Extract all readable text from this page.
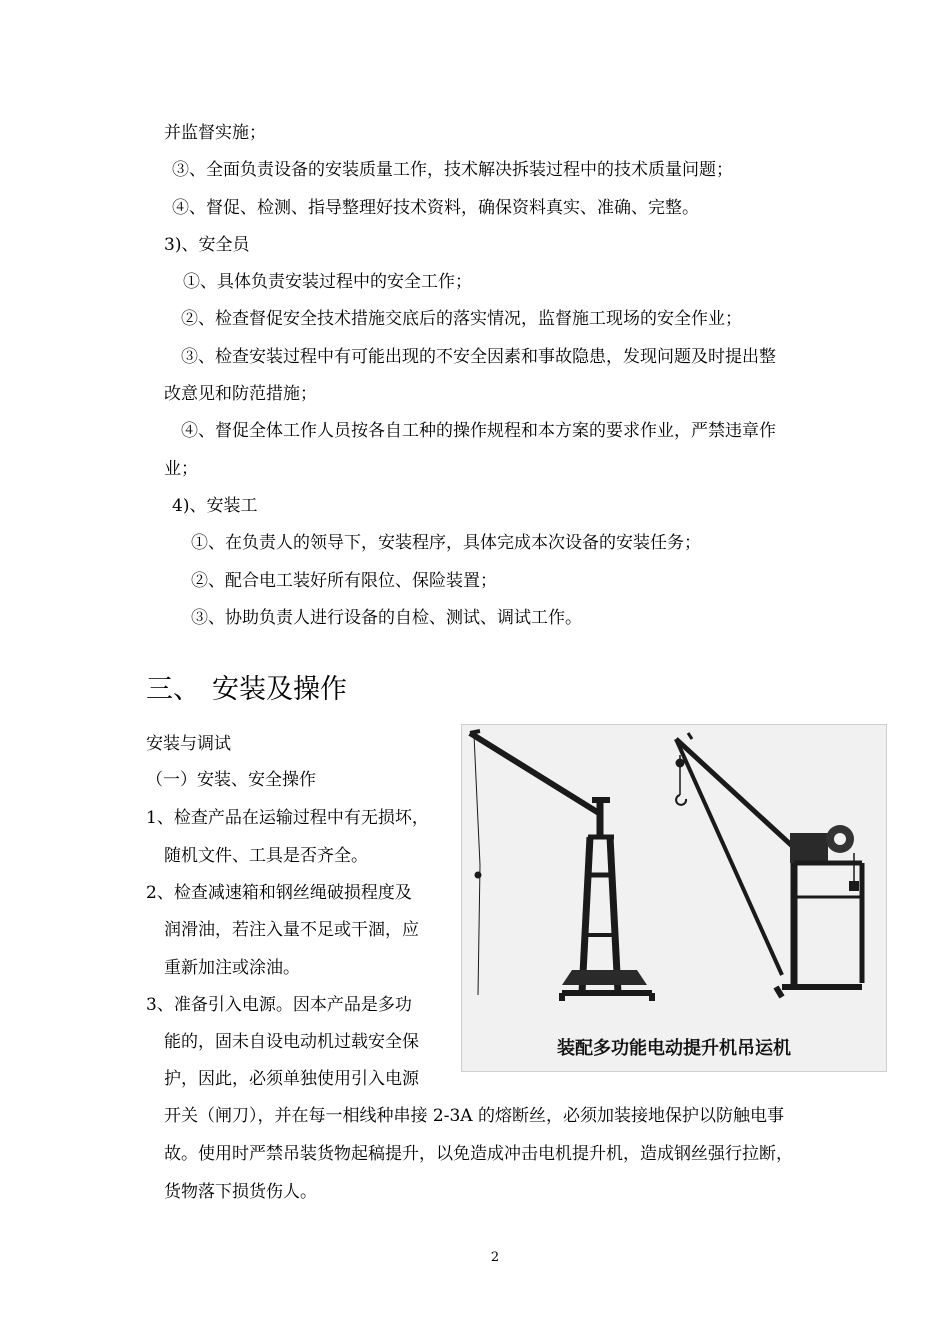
并监督实施；
③、全面负责设备的安装质量工作，技术解决拆装过程中的技术质量问题；
④、督促、检测、指导整理好技术资料，确保资料真实、准确、完整。
3)、安全员
①、具体负责安装过程中的安全工作；
②、检查督促安全技术措施交底后的落实情况，监督施工现场的安全作业；
③、检查安装过程中有可能出现的不安全因素和事故隐患，发现问题及时提出整
改意见和防范措施；
④、督促全体工作人员按各自工种的操作规程和本方案的要求作业，严禁违章作
业；
4)、安装工
①、在负责人的领导下，安装程序，具体完成本次设备的安装任务；
②、配合电工装好所有限位、保险装置；
③、协助负责人进行设备的自检、测试、调试工作。
三、 安装及操作
安装与调试
（一）安装、安全操作
1、检查产品在运输过程中有无损坏，
随机文件、工具是否齐全。
2、检查减速箱和钢丝绳破损程度及
润滑油，若注入量不足或干涸，应
重新加注或涂油。
3、准备引入电源。因本产品是多功
能的，固未自设电动机过载安全保
护，因此，必须单独使用引入电源
开关（闸刀），并在每一相线种串接 2-3A 的熔断丝，必须加装接地保护以防触电事
故。使用时严禁吊装货物起稿提升，以免造成冲击电机提升机，造成钢丝强行拉断，
货物落下损货伤人。
装配多功能电动提升机吊运机
2
